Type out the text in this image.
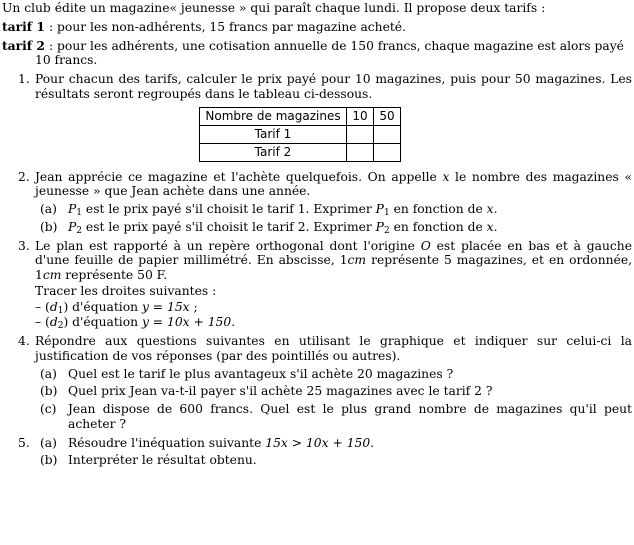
Un club édite un magazine« jeunesse » qui paraît chaque lundi. Il propose deux tarifs :

tarif 1 : pour les non-adhérents, 15 francs par magazine acheté.
tarif 2 : pour les adhérents, une cotisation annuelle de 150 francs, chaque magazine est alors payé 10 francs.
1. Pour chacun des tarifs, calculer le prix payé pour 10 magazines, puis pour 50 magazines. Les résultats seront regroupés dans le tableau ci-dessous.
Nombre de magazines	10	50
Tarif 1		
Tarif 2		
2. Jean apprécie ce magazine et l'achète quelquefois. On appelle x le nombre des magazines « jeunesse » que Jean achète dans une année.
(a) $P_1$ est le prix payé s'il choisit le tarif 1. Exprimer $P_1$ en fonction de x.
(b) $P_2$ est le prix payé s'il choisit le tarif 2. Exprimer $P_2$ en fonction de x.
3. Le plan est rapporté à un repère orthogonal dont l'origine O est placée en bas et à gauche d'une feuille de papier millimétré. En abscisse, 1cm représente 5 magazines, et en ordonnée, 1cm représente 50 F.

Tracer les droites suivantes :

– $(d_1)$ d'équation y = 15x ;

– $(d_2)$ d'équation y = 10x + 150.

4. Répondre aux questions suivantes en utilisant le graphique et indiquer sur celui-ci la justification de vos réponses (par des pointillés ou autres).
(a) Quel est le tarif le plus avantageux s'il achète 20 magazines ?
(b) Quel prix Jean va-t-il payer s'il achète 25 magazines avec le tarif 2 ?
(c) Jean dispose de 600 francs. Quel est le plus grand nombre de magazines qu'il peut acheter ?
5. (a) Résoudre l'inéquation suivante 15x > 10x + 150.
(b) Interpréter le résultat obtenu.
